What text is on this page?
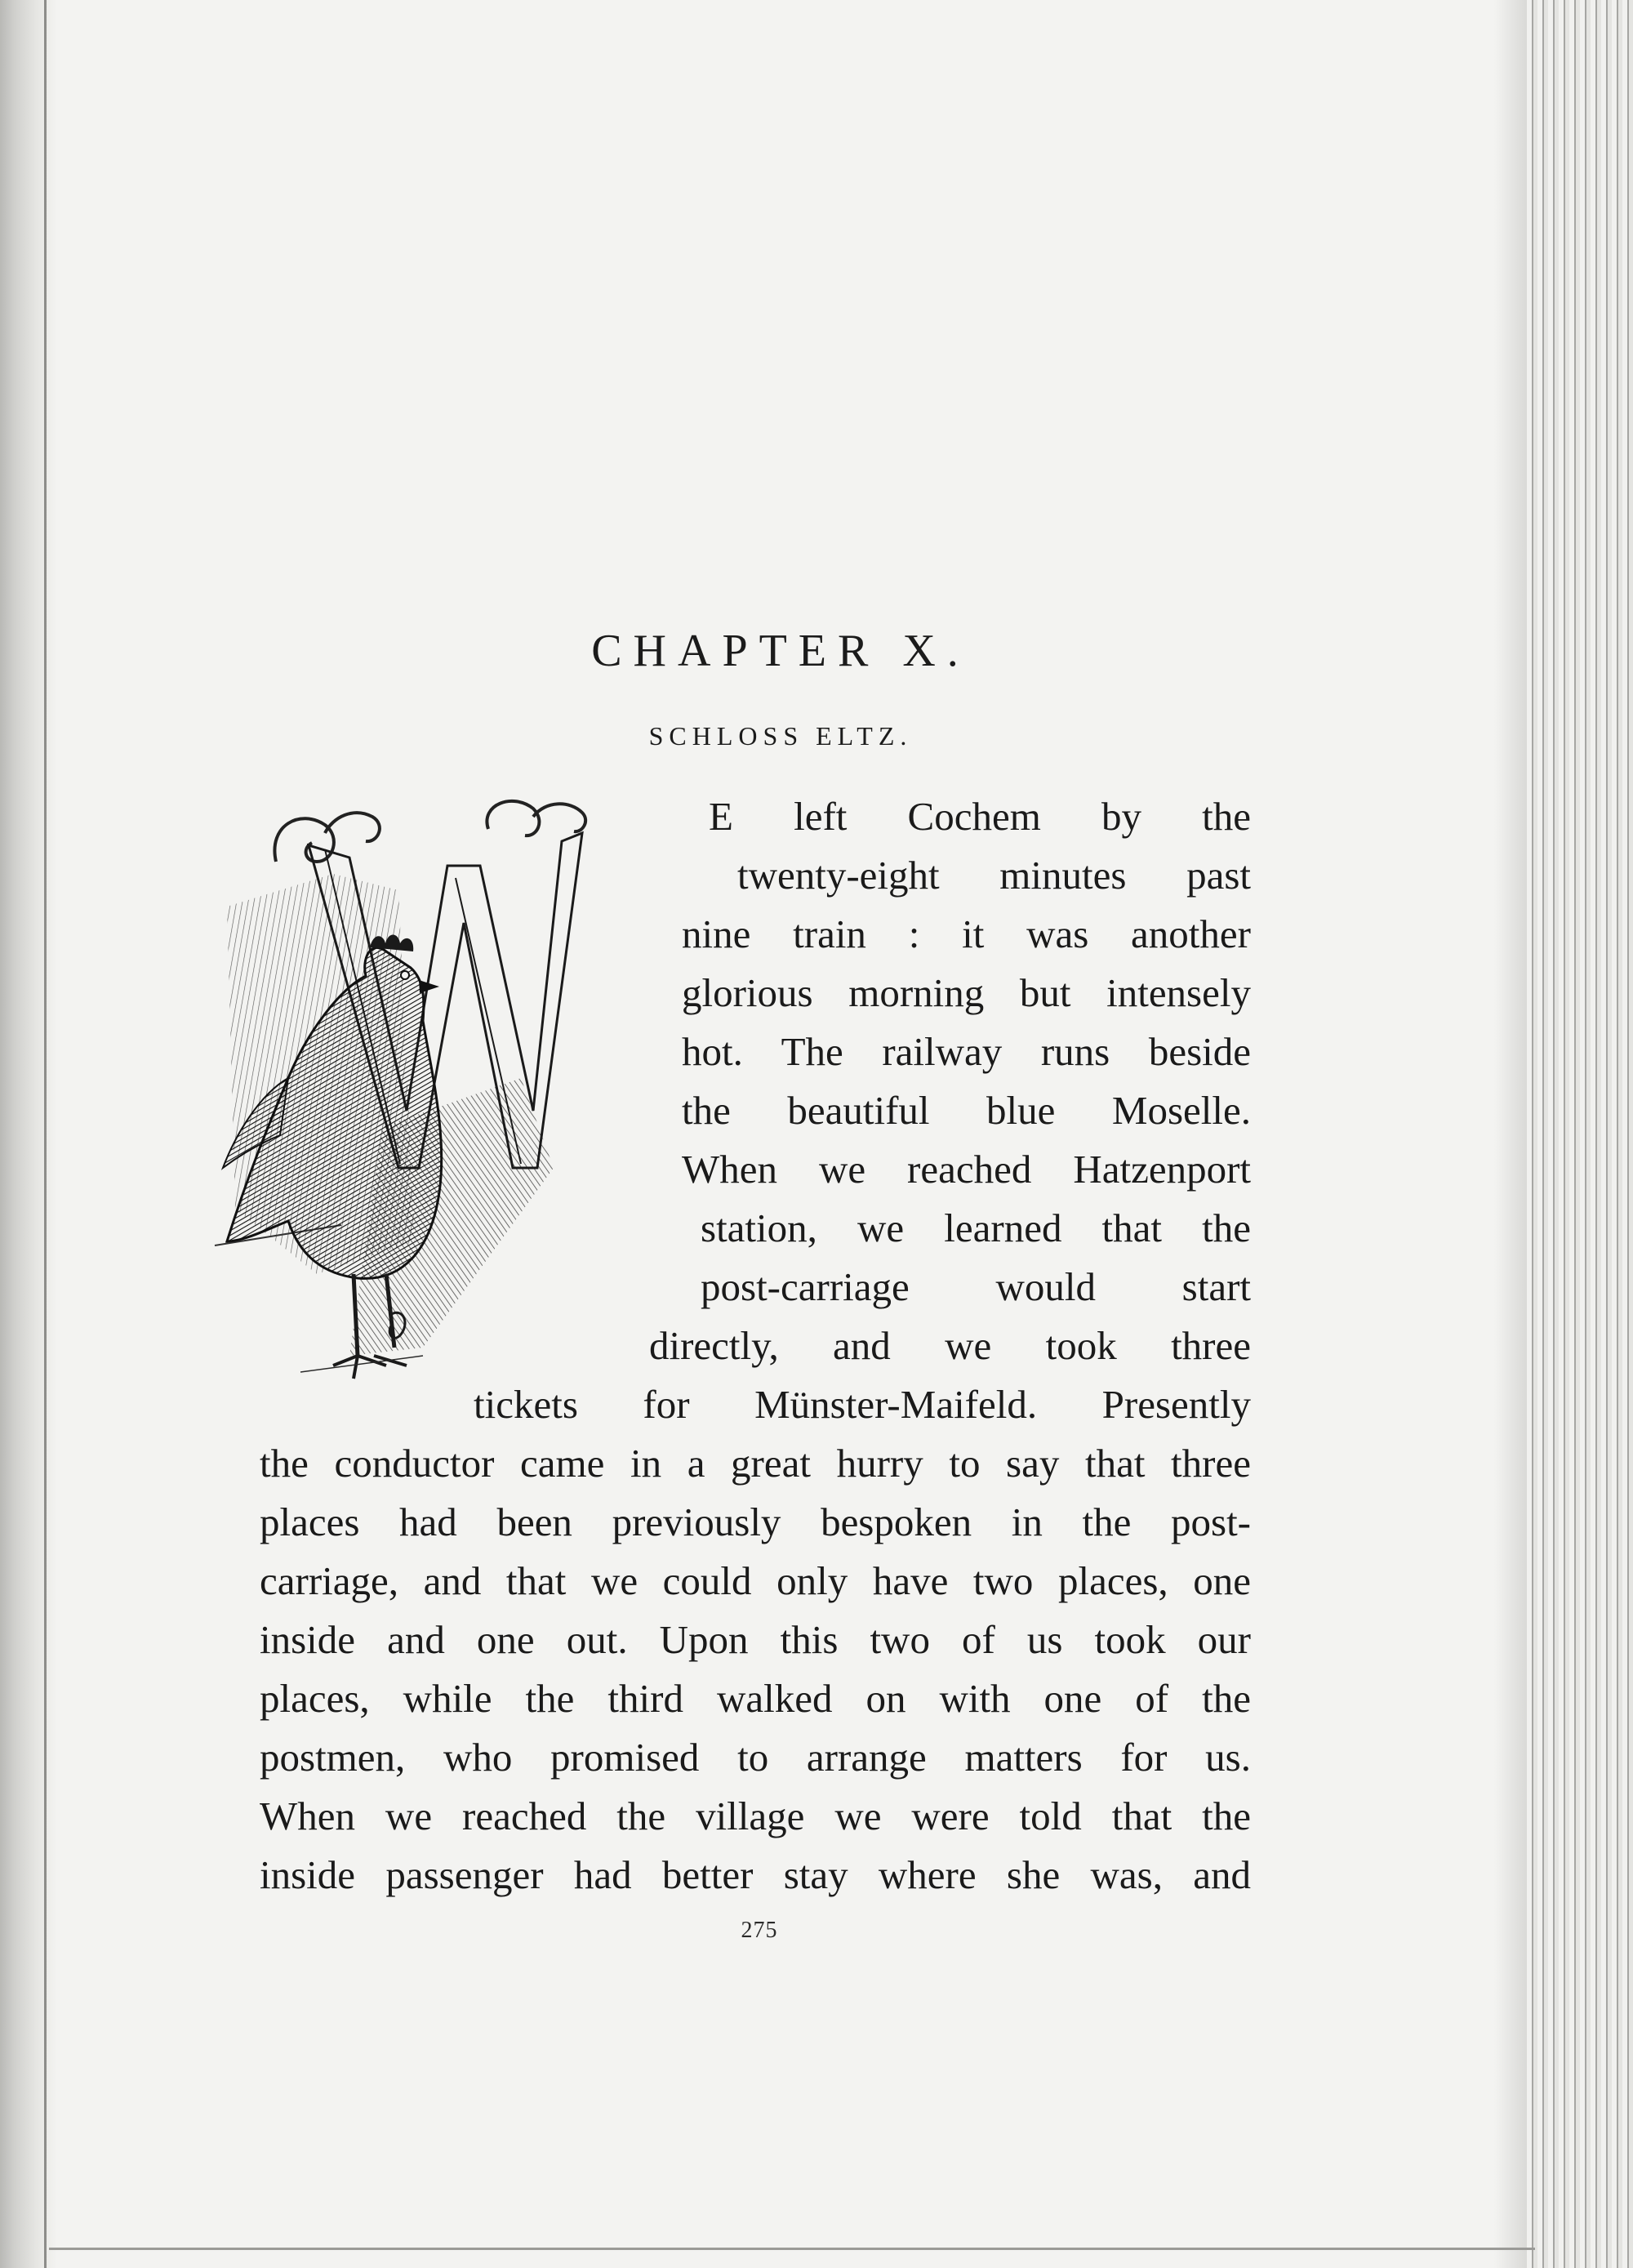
CHAPTER X.
SCHLOSS ELTZ.

E left Cochem by the

twenty-eight minutes past

nine train : it was another

glorious morning but intensely

hot. The railway runs beside

the beautiful blue Moselle.

When we reached Hatzenport

station, we learned that the

post-carriage would start

directly, and we took three

tickets for Münster-Maifeld. Presently

the conductor came in a great hurry to say that three

places had been previously bespoken in the post-

carriage, and that we could only have two places, one

inside and one out. Upon this two of us took our

places, while the third walked on with one of the

postmen, who promised to arrange matters for us.

When we reached the village we were told that the

inside passenger had better stay where she was, and

275
